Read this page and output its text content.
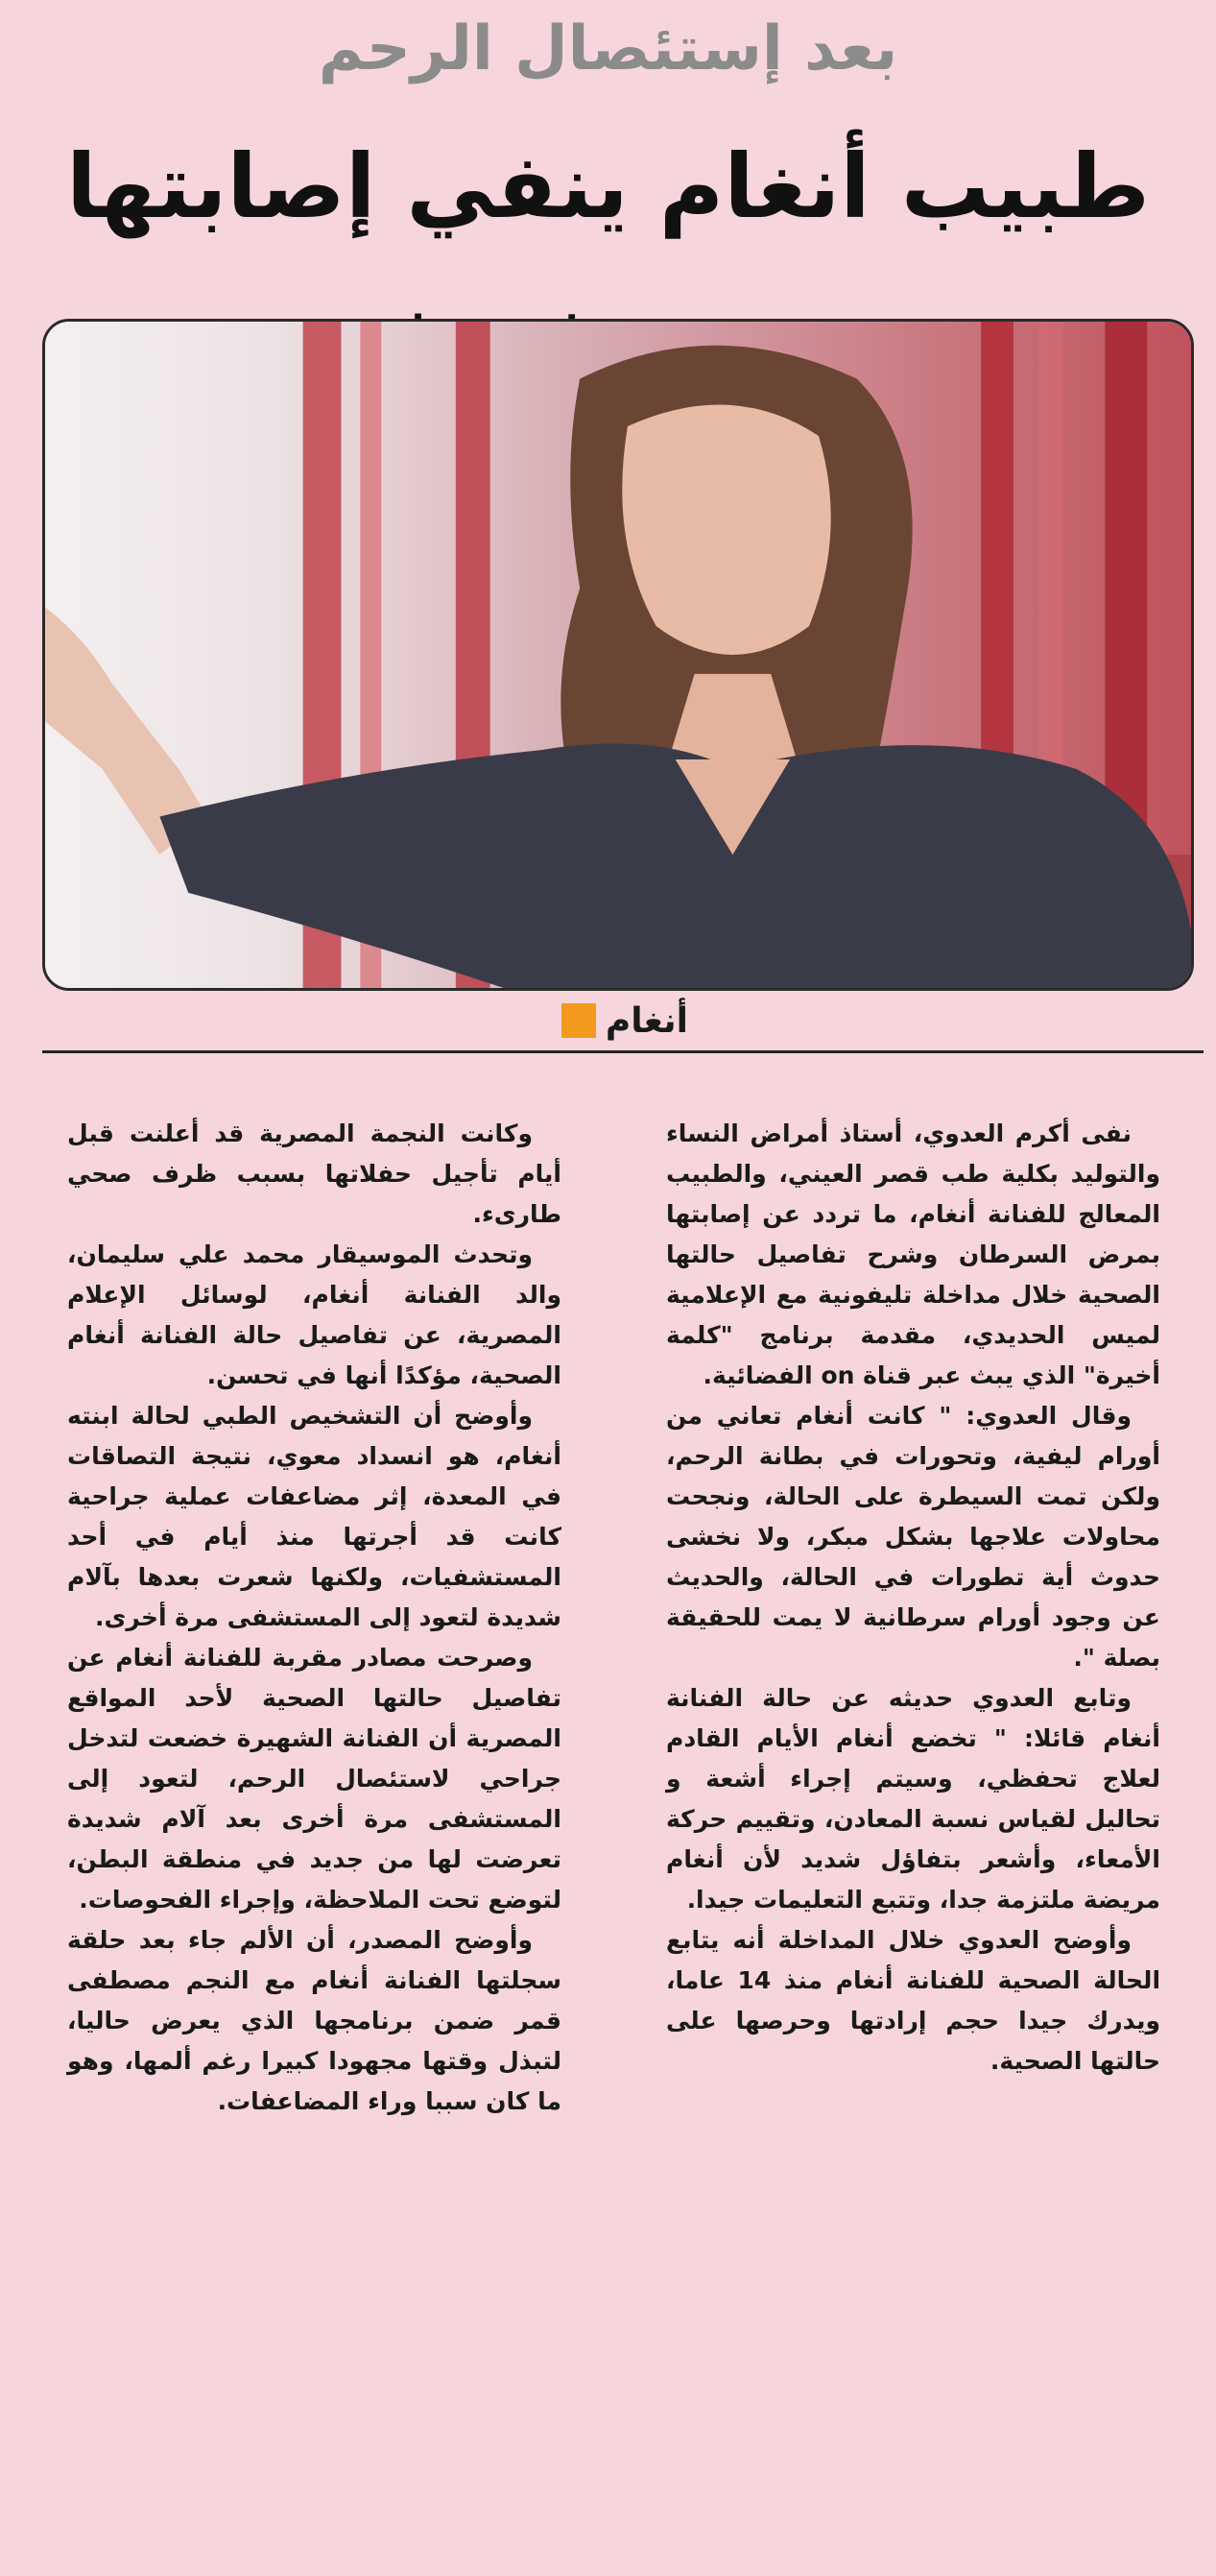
بعد إستئصال الرحم
طبيب أنغام ينفي إصابتها
أنغام

نفى أكرم العدوي، أستاذ أمراض النساء والتوليد بكلية طب قصر العيني، والطبيب المعالج للفنانة أنغام، ما تردد عن إصابتها بمرض السرطان وشرح تفاصيل حالتها الصحية خلال مداخلة تليفونية مع الإعلامية لميس الحديدي، مقدمة برنامج "كلمة أخيرة" الذي يبث عبر قناة on الفضائية.

وقال العدوي: " كانت أنغام تعاني من أورام ليفية، وتحورات في بطانة الرحم، ولكن تمت السيطرة على الحالة، ونجحت محاولات علاجها بشكل مبكر، ولا نخشى حدوث أية تطورات في الحالة، والحديث عن وجود أورام سرطانية لا يمت للحقيقة بصلة ".

وتابع العدوي حديثه عن حالة الفنانة أنغام قائلا: " تخضع أنغام الأيام القادم لعلاج تحفظي، وسيتم إجراء أشعة و تحاليل لقياس نسبة المعادن، وتقييم حركة الأمعاء، وأشعر بتفاؤل شديد لأن أنغام مريضة ملتزمة جدا، وتتبع التعليمات جيدا.

وأوضح العدوي خلال المداخلة أنه يتابع الحالة الصحية للفنانة أنغام منذ 14 عاما، ويدرك جيدا حجم إرادتها وحرصها على حالتها الصحية.

وكانت النجمة المصرية قد أعلنت قبل أيام تأجيل حفلاتها بسبب ظرف صحي طارىء.

وتحدث الموسيقار محمد علي سليمان، والد الفنانة أنغام، لوسائل الإعلام المصرية، عن تفاصيل حالة الفنانة أنغام الصحية، مؤكدًا أنها في تحسن.

وأوضح أن التشخيص الطبي لحالة ابنته أنغام، هو انسداد معوي، نتيجة التصاقات في المعدة، إثر مضاعفات عملية جراحية كانت قد أجرتها منذ أيام في أحد المستشفيات، ولكنها شعرت بعدها بآلام شديدة لتعود إلى المستشفى مرة أخرى.

وصرحت مصادر مقربة للفنانة أنغام عن تفاصيل حالتها الصحية لأحد المواقع المصرية أن الفنانة الشهيرة خضعت لتدخل جراحي لاستئصال الرحم، لتعود إلى المستشفى مرة أخرى بعد آلام شديدة تعرضت لها من جديد في منطقة البطن، لتوضع تحت الملاحظة، وإجراء الفحوصات.

وأوضح المصدر، أن الألم جاء بعد حلقة سجلتها الفنانة أنغام مع النجم مصطفى قمر ضمن برنامجها الذي يعرض حاليا، لتبذل وقتها مجهودا كبيرا رغم ألمها، وهو ما كان سببا وراء المضاعفات.
